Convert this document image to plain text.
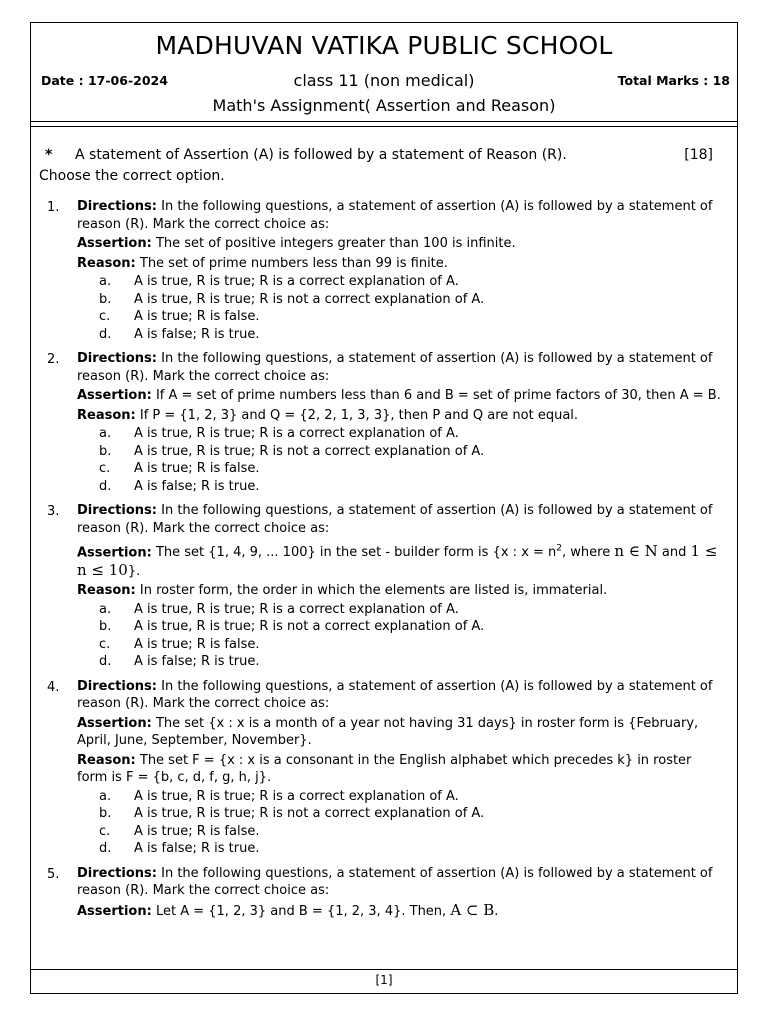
MADHUVAN VATIKA PUBLIC SCHOOL
Date : 17-06-2024	class 11 (non medical)	Total Marks : 18
Math's Assignment( Assertion and Reason)
* A statement of Assertion (A) is followed by a statement of Reason (R).	[18]
Choose the correct option.
1. Directions: In the following questions, a statement of assertion (A) is followed by a statement of reason (R). Mark the correct choice as:

Assertion: The set of positive integers greater than 100 is infinite.

Reason: The set of prime numbers less than 99 is finite.

a. A is true, R is true; R is a correct explanation of A.
b. A is true, R is true; R is not a correct explanation of A.
c. A is true; R is false.
d. A is false; R is true.
2. Directions: In the following questions, a statement of assertion (A) is followed by a statement of reason (R). Mark the correct choice as:

Assertion: If A = set of prime numbers less than 6 and B = set of prime factors of 30, then A = B.

Reason: If P = {1, 2, 3} and Q = {2, 2, 1, 3, 3}, then P and Q are not equal.

a. A is true, R is true; R is a correct explanation of A.
b. A is true, R is true; R is not a correct explanation of A.
c. A is true; R is false.
d. A is false; R is true.
3. Directions: In the following questions, a statement of assertion (A) is followed by a statement of reason (R). Mark the correct choice as:

Assertion: The set {1, 4, 9, ... 100} in the set - builder form is {x : $x = n^2$, where n ∈ N and 1 ≤ n ≤ 10}.

Reason: In roster form, the order in which the elements are listed is, immaterial.

a. A is true, R is true; R is a correct explanation of A.
b. A is true, R is true; R is not a correct explanation of A.
c. A is true; R is false.
d. A is false; R is true.
4. Directions: In the following questions, a statement of assertion (A) is followed by a statement of reason (R). Mark the correct choice as:

Assertion: The set {x : x is a month of a year not having 31 days} in roster form is {February, April, June, September, November}.

Reason: The set F = {x : x is a consonant in the English alphabet which precedes k} in roster form is F = {b, c, d, f, g, h, j}.

a. A is true, R is true; R is a correct explanation of A.
b. A is true, R is true; R is not a correct explanation of A.
c. A is true; R is false.
d. A is false; R is true.
5. Directions: In the following questions, a statement of assertion (A) is followed by a statement of reason (R). Mark the correct choice as:

Assertion: Let A = {1, 2, 3} and B = {1, 2, 3, 4}. Then, A ⊂ B.

[1]
